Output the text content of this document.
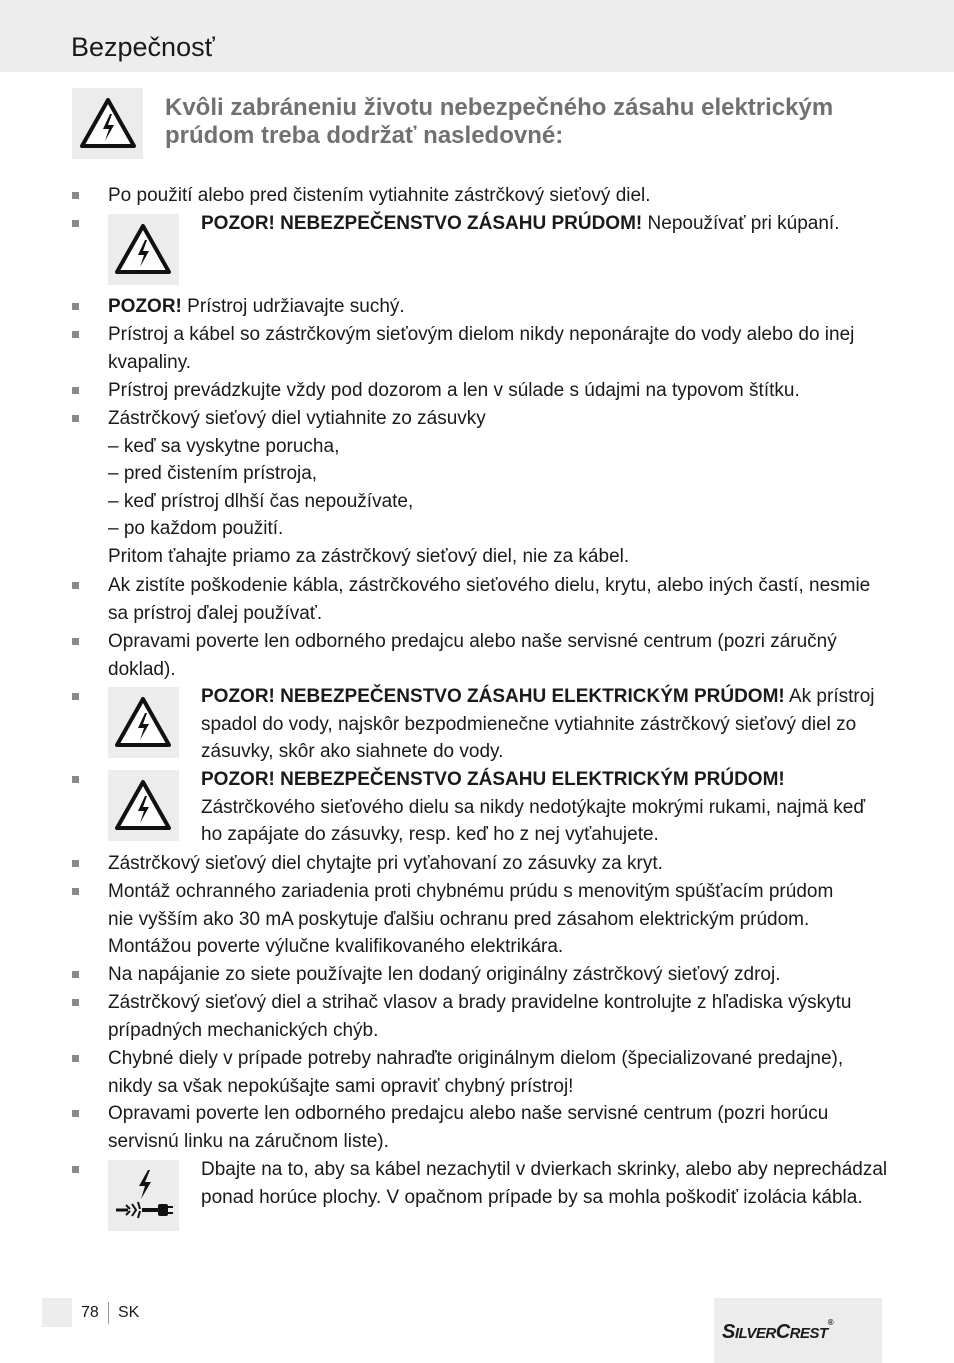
Bezpečnosť
Kvôli zabráneniu životu nebezpečného zásahu elektrickým prúdom treba dodržať nasledovné:
Po použití alebo pred čistením vytiahnite zástrčkový sieťový diel.
POZOR! NEBEZPEČENSTVO ZÁSAHU PRÚDOM! Nepoužívať pri kúpaní.
POZOR! Prístroj udržiavajte suchý.
Prístroj a kábel so zástrčkovým sieťovým dielom nikdy neponárajte do vody alebo do inej
kvapaliny.
Prístroj prevádzkujte vždy pod dozorom a len v súlade s údajmi na typovom štítku.
Zástrčkový sieťový diel vytiahnite zo zásuvky
– keď sa vyskytne porucha,
– pred čistením prístroja,
– keď prístroj dlhší čas nepoužívate,
– po každom použití.
Pritom ťahajte priamo za zástrčkový sieťový diel, nie za kábel.
Ak zistíte poškodenie kábla, zástrčkového sieťového dielu, krytu, alebo iných častí, nesmie
sa prístroj ďalej používať.
Opravami poverte len odborného predajcu alebo naše servisné centrum (pozri záručný
doklad).
POZOR! NEBEZPEČENSTVO ZÁSAHU ELEKTRICKÝM PRÚDOM! Ak prístroj spadol do vody, najskôr bezpodmienečne vytiahnite zástrčkový sieťový diel zo zásuvky, skôr ako siahnete do vody.
POZOR! NEBEZPEČENSTVO ZÁSAHU ELEKTRICKÝM PRÚDOM! Zástrčkového sieťového dielu sa nikdy nedotýkajte mokrými rukami, najmä keď ho zapájate do zásuvky, resp. keď ho z nej vyťahujete.
Zástrčkový sieťový diel chytajte pri vyťahovaní zo zásuvky za kryt.
Montáž ochranného zariadenia proti chybnému prúdu s menovitým spúšťacím prúdom
nie vyšším ako 30 mA poskytuje ďalšiu ochranu pred zásahom elektrickým prúdom.
Montážou poverte výlučne kvalifikovaného elektrikára.
Na napájanie zo siete používajte len dodaný originálny zástrčkový sieťový zdroj.
Zástrčkový sieťový diel a strihač vlasov a brady pravidelne kontrolujte z hľadiska výskytu
prípadných mechanických chýb.
Chybné diely v prípade potreby nahraďte originálnym dielom (špecializované predajne),
nikdy sa však nepokúšajte sami opraviť chybný prístroj!
Opravami poverte len odborného predajcu alebo naše servisné centrum (pozri horúcu
servisnú linku na záručnom liste).
Dbajte na to, aby sa kábel nezachytil v dvierkach skrinky, alebo aby neprechádzal ponad horúce plochy. V opačnom prípade by sa mohla poškodiť izolácia kábla.
78 SK
SILVERCREST®
